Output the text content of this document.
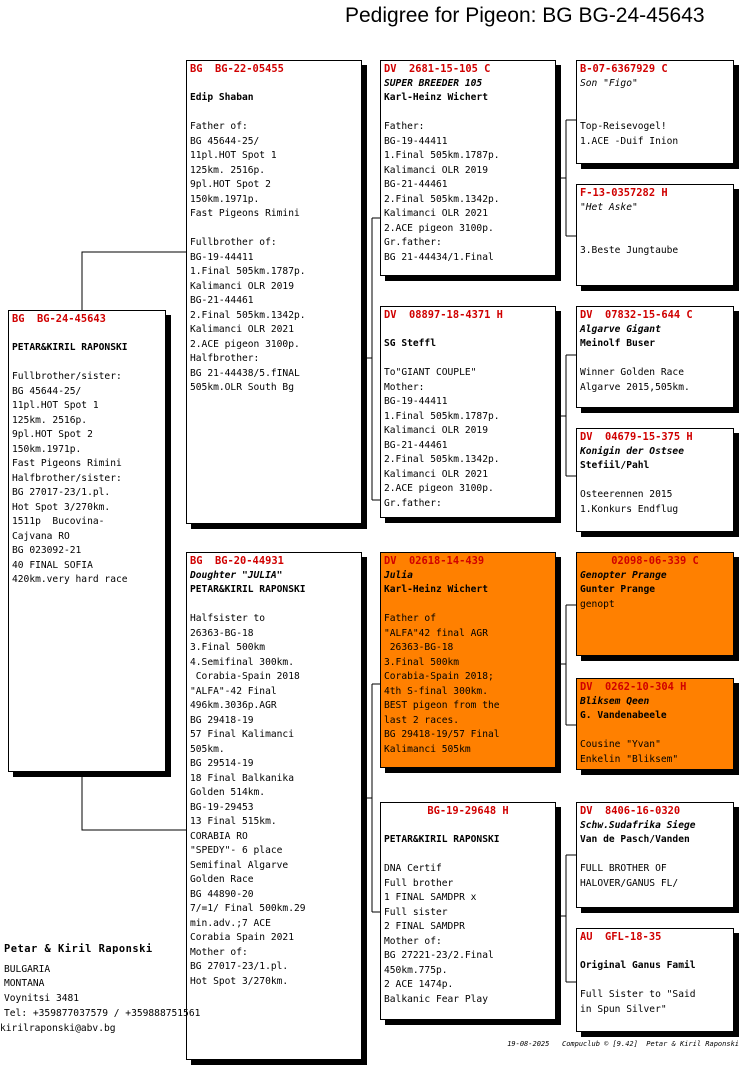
Pedigree for Pigeon: BG BG-24-45643
BG  BG-24-45643
PETAR&KIRIL RAPONSKI
Fullbrother/sister:
BG 45644-25/
11pl.HOT Spot 1
125km. 2516p.
9pl.HOT Spot 2
150km.1971p.
Fast Pigeons Rimini
Halfbrother/sister:
BG 27017-23/1.pl.
Hot Spot 3/270km.
1511p  Bucovina-
Cajvana RO
BG 023092-21
40 FINAL SOFIA
420km.very hard race
BG  BG-22-05455
Edip Shaban
Father of:
BG 45644-25/
11pl.HOT Spot 1
125km. 2516p.
9pl.HOT Spot 2
150km.1971p.
Fast Pigeons Rimini
Fullbrother of:
BG-19-44411
1.Final 505km.1787p.
Kalimanci OLR 2019
BG-21-44461
2.Final 505km.1342p.
Kalimanci OLR 2021
2.ACE pigeon 3100p.
Halfbrother:
BG 21-44438/5.fINAL
505km.OLR South Bg
BG  BG-20-44931
Doughter "JULIA"
PETAR&KIRIL RAPONSKI
Halfsister to
26363-BG-18
3.Final 500km
4.Semifinal 300km.
Corabia-Spain 2018
"ALFA"-42 Final
496km.3036p.AGR
BG 29418-19
57 Final Kalimanci
505km.
BG 29514-19
18 Final Balkanika
Golden 514km.
BG-19-29453
13 Final 515km.
CORABIA RO
"SPEDY"- 6 place
Semifinal Algarve
Golden Race
BG 44890-20
7/=1/ Final 500km.29
min.adv.;7 ACE
Corabia Spain 2021
Mother of:
BG 27017-23/1.pl.
Hot Spot 3/270km.
DV  2681-15-105 C
SUPER BREEDER 105
Karl-Heinz Wichert
Father:
BG-19-44411
1.Final 505km.1787p.
Kalimanci OLR 2019
BG-21-44461
2.Final 505km.1342p.
Kalimanci OLR 2021
2.ACE pigeon 3100p.
Gr.father:
BG 21-44434/1.Final
DV  08897-18-4371 H
SG Steffl
To"GIANT COUPLE"
Mother:
BG-19-44411
1.Final 505km.1787p.
Kalimanci OLR 2019
BG-21-44461
2.Final 505km.1342p.
Kalimanci OLR 2021
2.ACE pigeon 3100p.
Gr.father:
DV  02618-14-439
Julia
Karl-Heinz Wichert
Father of
"ALFA"42 final AGR
26363-BG-18
3.Final 500km
Corabia-Spain 2018;
4th S-final 300km.
BEST pigeon from the
last 2 races.
BG 29418-19/57 Final
Kalimanci 505km
BG-19-29648 H
PETAR&KIRIL RAPONSKI
DNA Certif
Full brother
1 FINAL SAMDPR x
Full sister
2 FINAL SAMDPR
Mother of:
BG 27221-23/2.Final
450km.775p.
2 ACE 1474p.
Balkanic Fear Play
B-07-6367929 C
Son "Figo"
Top-Reisevogel!
1.ACE -Duif Inion
F-13-0357282 H
"Het Aske"
3.Beste Jungtaube
DV  07832-15-644 C
Algarve Gigant
Meinolf Buser
Winner Golden Race
Algarve 2015,505km.
DV  04679-15-375 H
Konigin der Ostsee
Stefiil/Pahl
Osteerennen 2015
1.Konkurs Endflug
02098-06-339 C
Genopter Prange
Gunter Prange
genopt
DV  0262-10-304 H
Bliksem Qeen
G. Vandenabeele
Cousine "Yvan"
Enkelin "Bliksem"
DV  8406-16-0320
Schw.Sudafrika Siege
Van de Pasch/Vanden
FULL BROTHER OF
HALOVER/GANUS FL/
AU  GFL-18-35
Original Ganus Famil
Full Sister to "Said
in Spun Silver"
Petar & Kiril Raponski
BULGARIA
MONTANA
Voynitsi 3481
Tel: +359877037579 / +359888751561
kirilraponski@abv.bg
19-08-2025   Compuclub © [9.42]  Petar & Kiril Raponski
